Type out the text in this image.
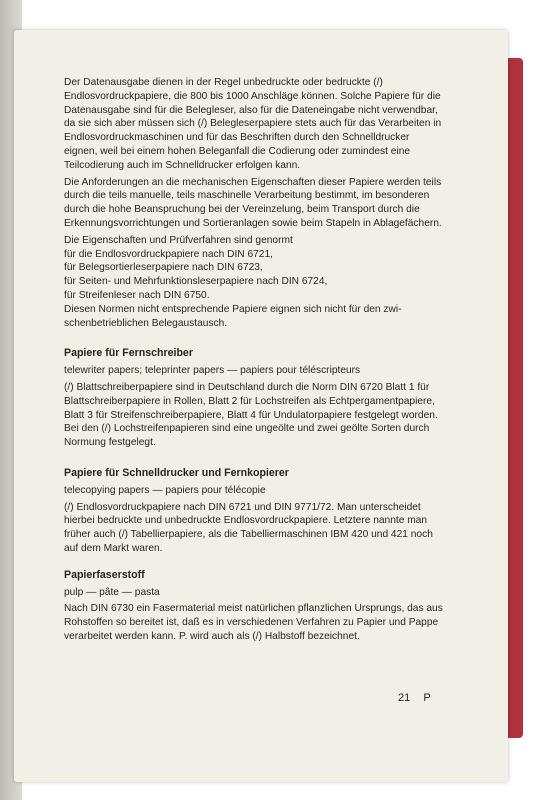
Der Datenausgabe dienen in der Regel unbedruckte oder bedruckte (/) Endlosvordruckpapiere, die 800 bis 1000 Anschläge können. Solche Papiere für die Datenausgabe sind für die Belegleser, also für die Dateneingabe nicht verwendbar, da sie sich aber müssen sich (/) Belegleserpapiere stets auch für das Verarbeiten in Endlosvordruckmaschinen und für das Beschriften durch den Schnelldrucker eignen, weil bei einem hohen Beleganfall die Codierung oder zumindest eine Teilcodierung auch im Schnelldrucker erfolgen kann.

Die Anforderungen an die mechanischen Eigenschaften dieser Papiere werden teils durch die teils manuelle, teils maschinelle Verarbeitung bestimmt, im besonderen durch die hohe Beanspruchung bei der Vereinzelung, beim Transport durch die Erkennungsvorrichtungen und Sortieranlagen sowie beim Stapeln in Ablagefächern.

Die Eigenschaften und Prüfverfahren sind genormt
für die Endlosvordruckpapiere nach DIN 6721,
für Belegsortierleserpapiere nach DIN 6723,
für Seiten- und Mehrfunktionsleserpapiere nach DIN 6724,
für Streifenleser nach DIN 6750.

Diesen Normen nicht entsprechende Papiere eignen sich nicht für den zwischenbetrieblichen Belegaustausch.

Papiere für Fernschreiber

telewriter papers; teleprinter papers — papiers pour téléscripteurs

(/) Blattschreiberpapiere sind in Deutschland durch die Norm DIN 6720 Blatt 1 für Blattschreiberpapiere in Rollen, Blatt 2 für Lochstreifen als Echtpergamentpapiere, Blatt 3 für Streifenschreiberpapiere, Blatt 4 für Undulatorpapiere festgelegt worden. Bei den (/) Lochstreifenpapieren sind eine ungeölte und zwei geölte Sorten durch Normung festgelegt.

Papiere für Schnelldrucker und Fernkopierer

telecopying papers — papiers pour télécopie

(/) Endlosvordruckpapiere nach DIN 6721 und DIN 9771/72. Man unterscheidet hierbei bedruckte und unbedruckte Endlosvordruckpapiere. Letztere nannte man früher auch (/) Tabellierpapiere, als die Tabelliermaschinen IBM 420 und 421 noch auf dem Markt waren.

Papierfaserstoff

pulp — pâte — pasta

Nach DIN 6730 ein Fasermaterial meist natürlichen pflanzlichen Ursprungs, das aus Rohstoffen so bereitet ist, daß es in verschiedenen Verfahren zu Papier und Pappe verarbeitet werden kann. P. wird auch als (/) Halbstoff bezeichnet.

21 P
